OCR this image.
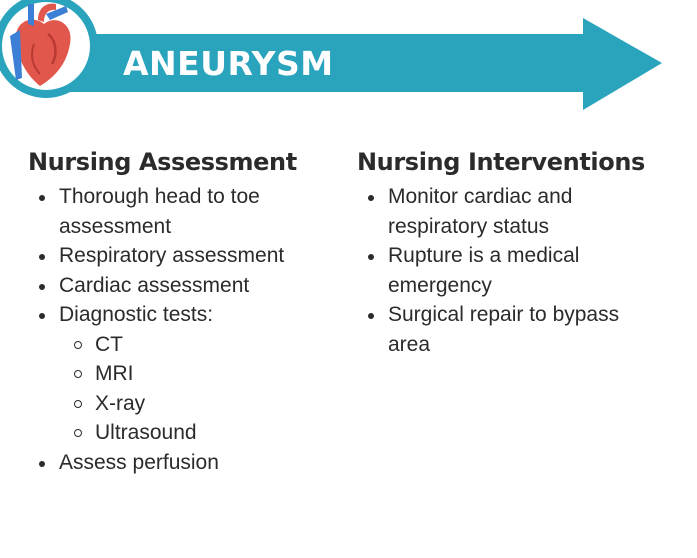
ANEURYSM
Nursing Assessment
Thorough head to toe
assessment
Respiratory assessment
Cardiac assessment
Diagnostic tests:
CT
MRI
X-ray
Ultrasound
Assess perfusion
Nursing Interventions
Monitor cardiac and
respiratory status
Rupture is a medical
emergency
Surgical repair to bypass
area
